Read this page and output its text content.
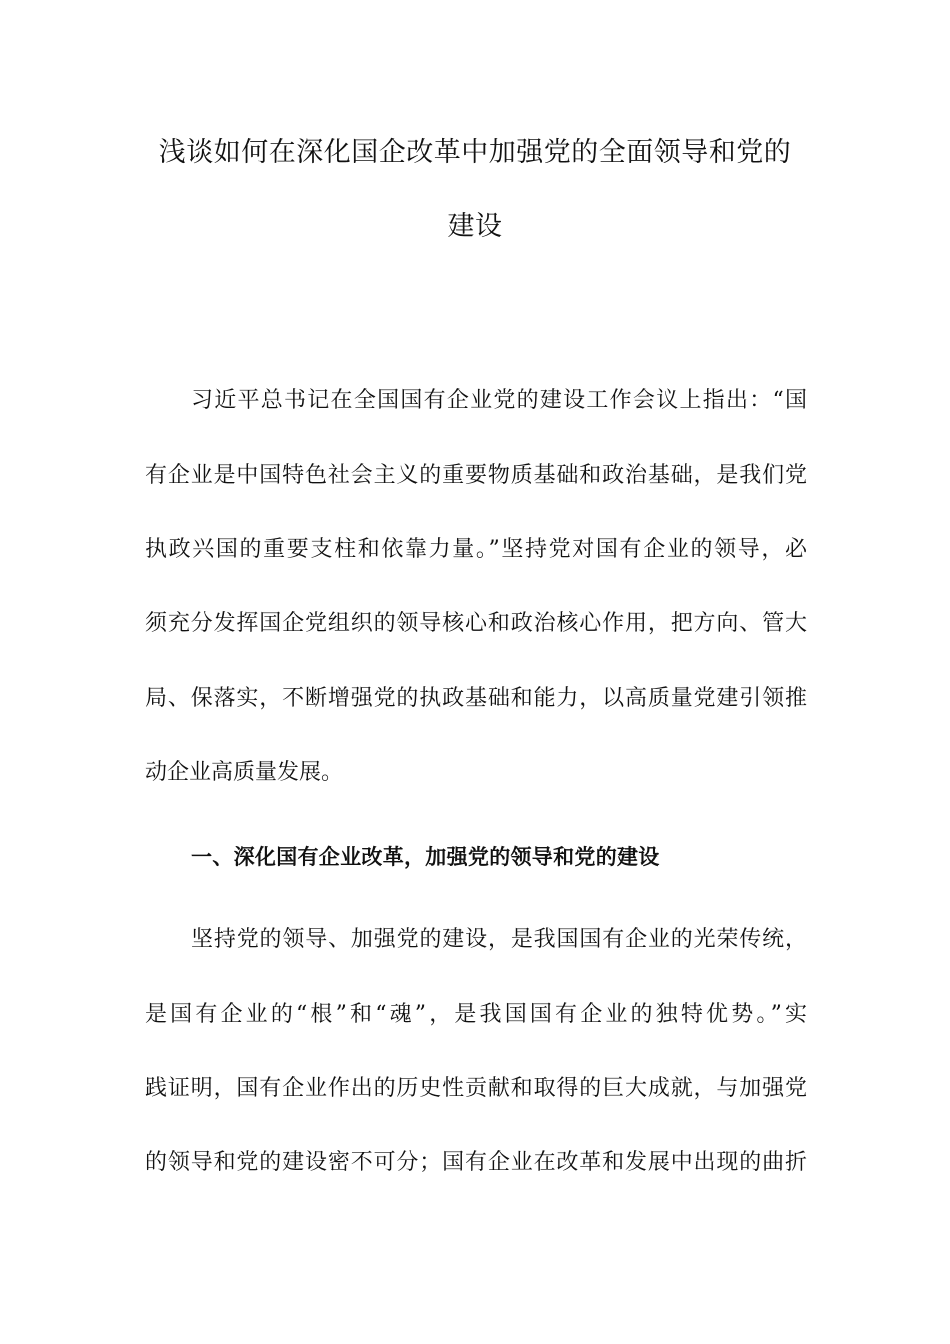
浅谈如何在深化国企改革中加强党的全面领导和党的
建设
习近平总书记在全国国有企业党的建设工作会议上指出：“国
有企业是中国特色社会主义的重要物质基础和政治基础，是我们党
执政兴国的重要支柱和依靠力量。”坚持党对国有企业的领导，必
须充分发挥国企党组织的领导核心和政治核心作用，把方向、管大
局、保落实，不断增强党的执政基础和能力，以高质量党建引领推
动企业高质量发展。
一、深化国有企业改革，加强党的领导和党的建设
坚持党的领导、加强党的建设，是我国国有企业的光荣传统，
是国有企业的“根”和“魂”，是我国国有企业的独特优势。”实
践证明，国有企业作出的历史性贡献和取得的巨大成就，与加强党
的领导和党的建设密不可分；国有企业在改革和发展中出现的曲折
